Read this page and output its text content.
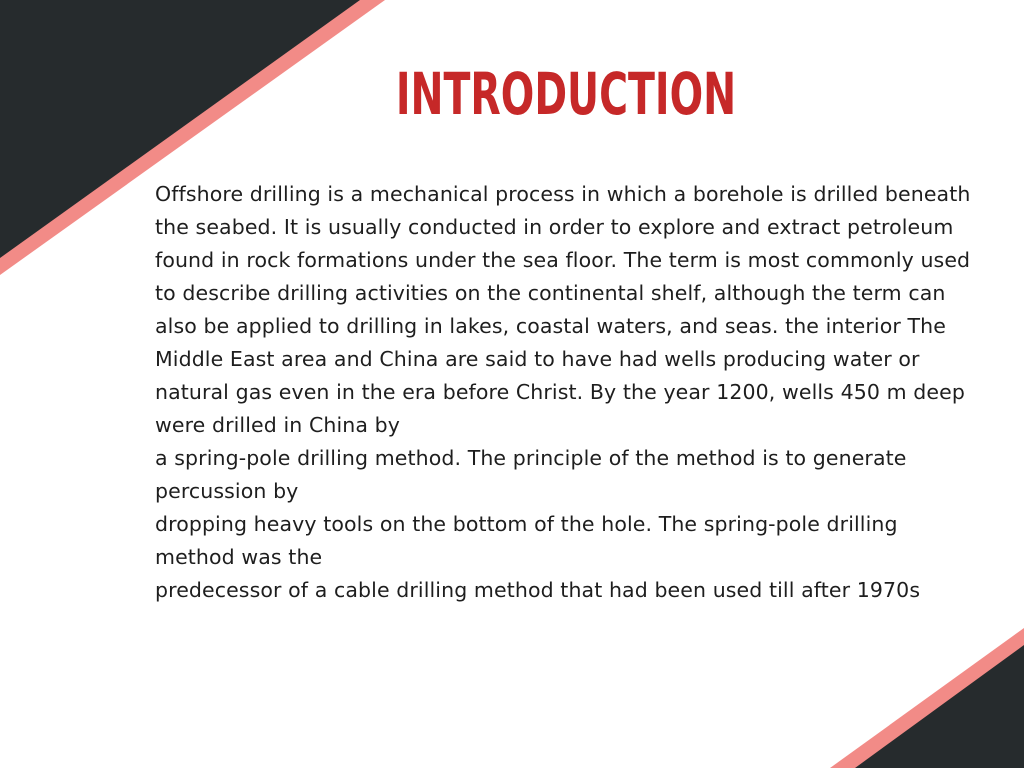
INTRODUCTION

Offshore drilling is a mechanical process in which a borehole is drilled beneath the seabed. It is usually conducted in order to explore and extract petroleum found in rock formations under the sea floor. The term is most commonly used to describe drilling activities on the continental shelf, although the term can also be applied to drilling in lakes, coastal waters, and seas. the interior The Middle East area and China are said to have had wells producing water or natural gas even in the era before Christ. By the year 1200, wells 450 m deep were drilled in China by
a spring-pole drilling method. The principle of the method is to generate percussion by
dropping heavy tools on the bottom of the hole. The spring-pole drilling method was the
predecessor of a cable drilling method that had been used till after 1970s
